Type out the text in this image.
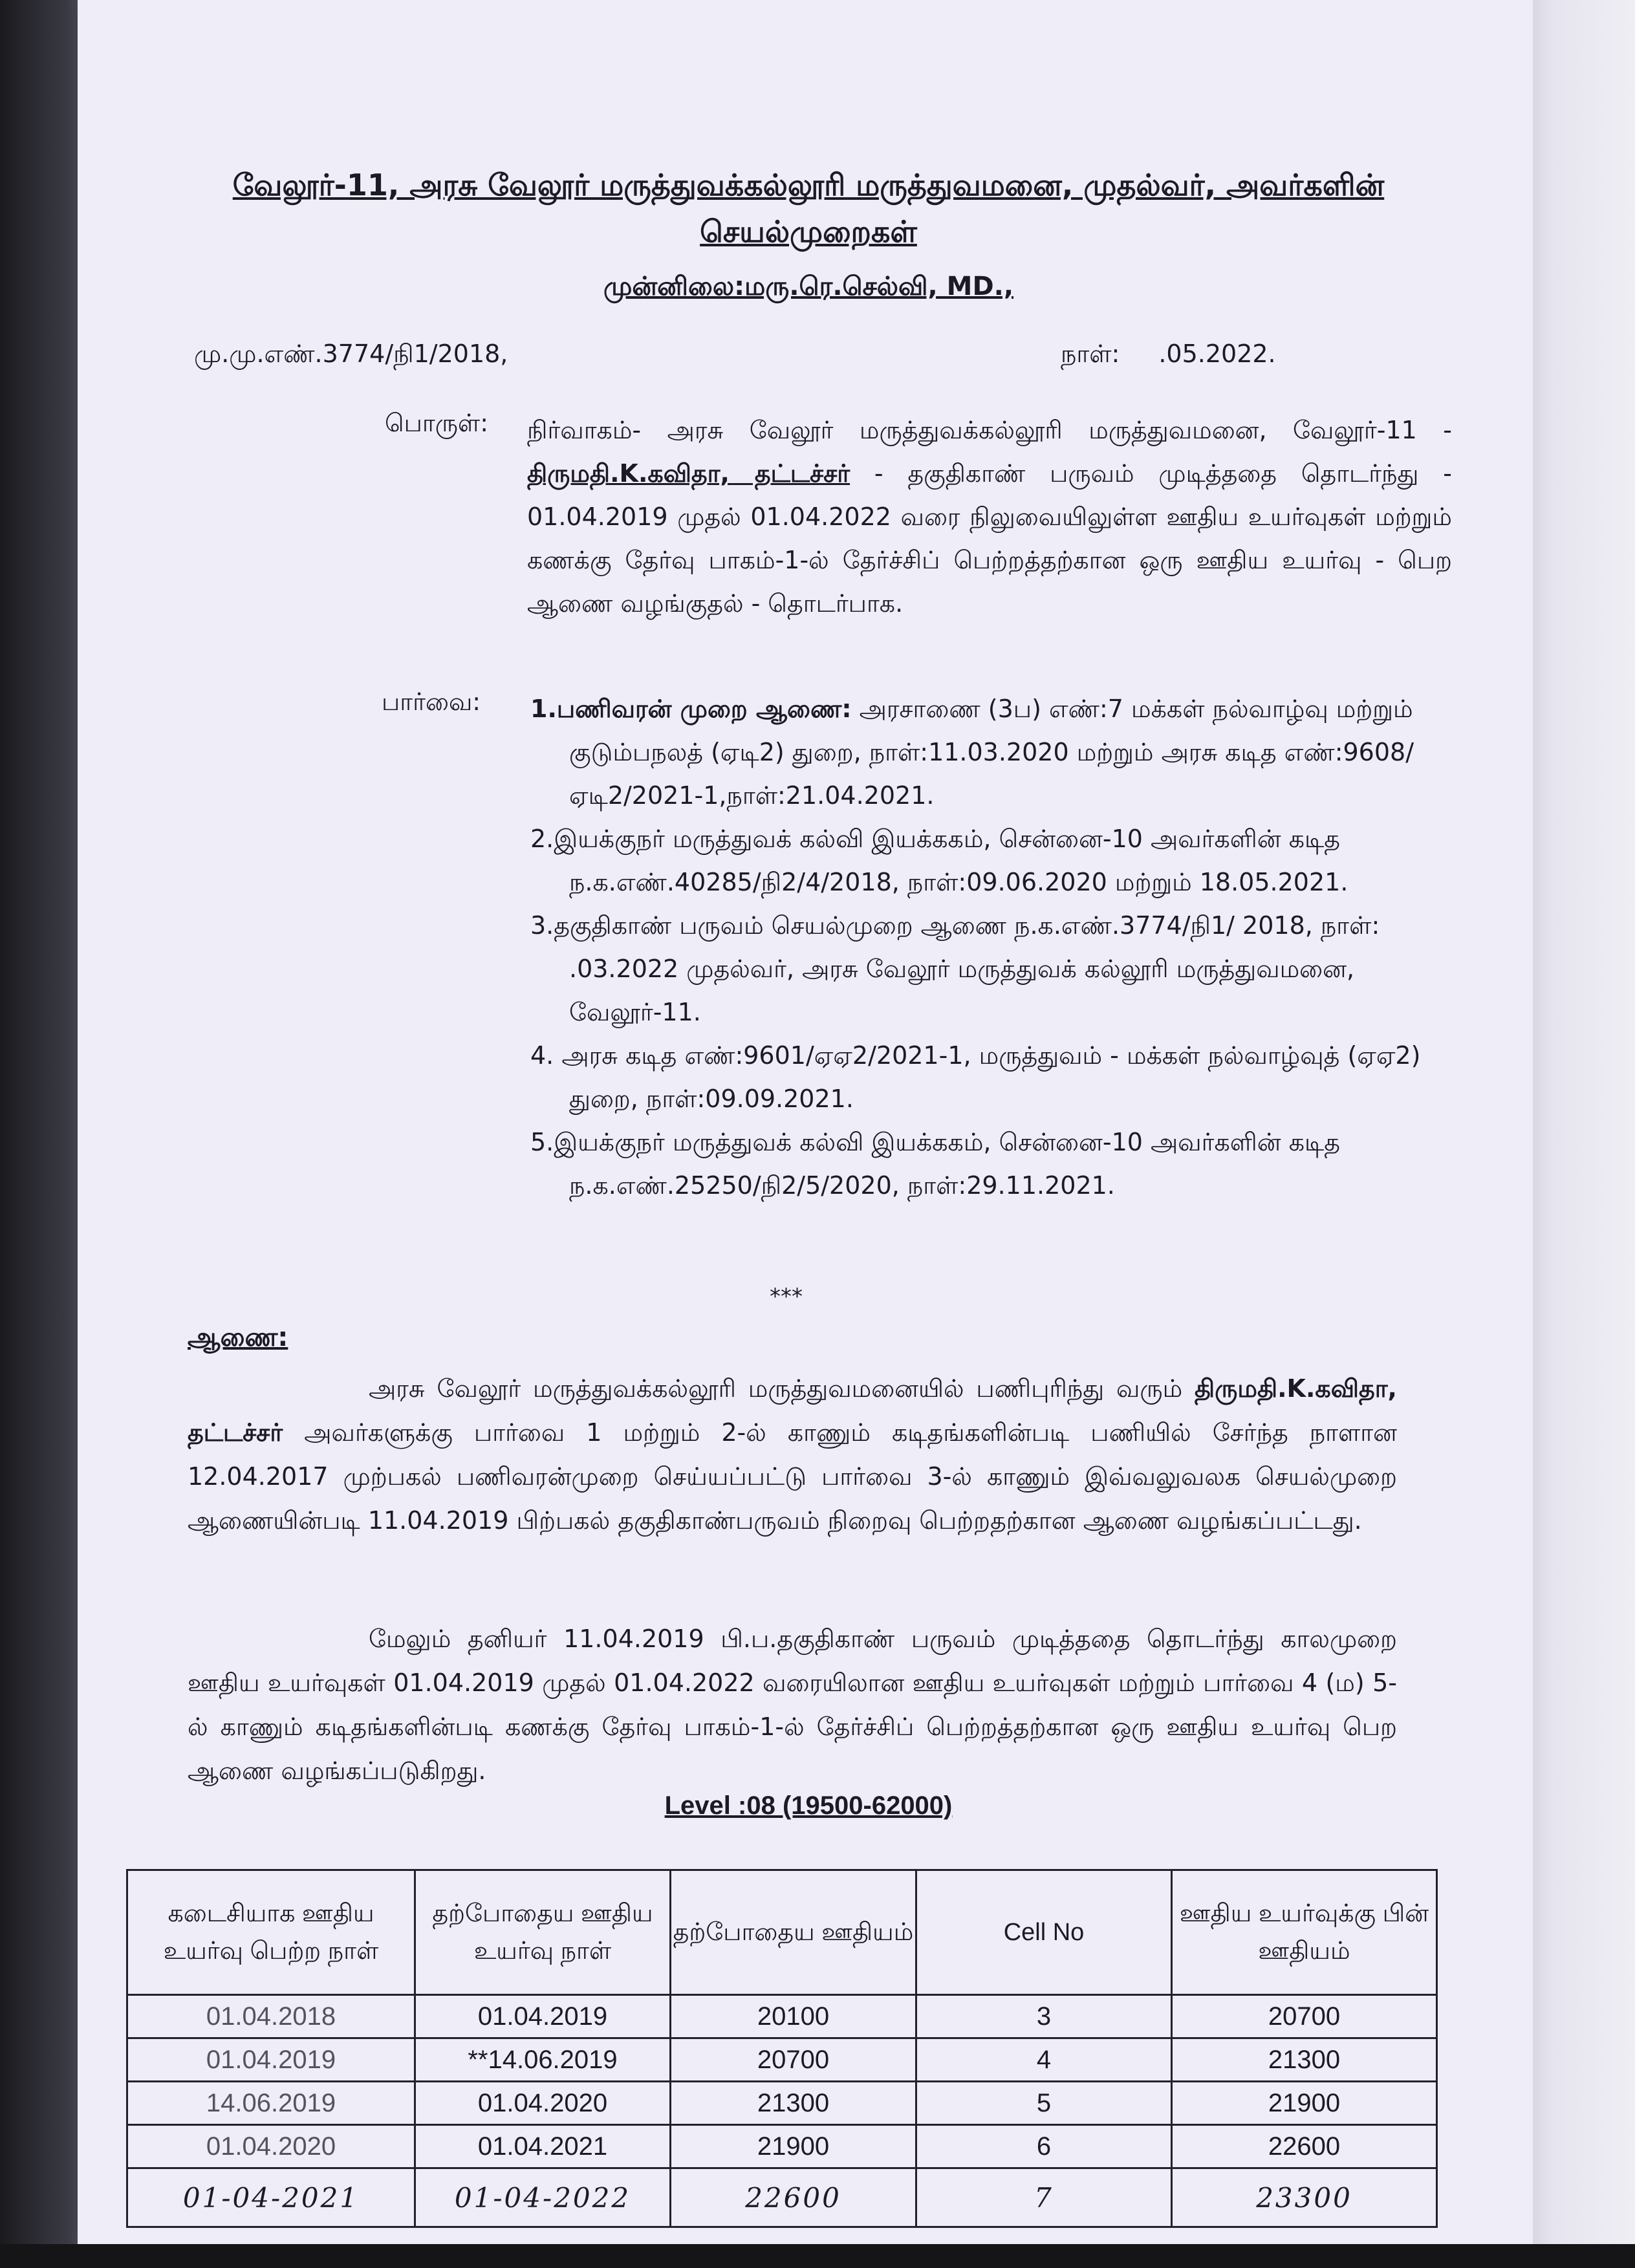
வேலூர்-11, அரசு வேலூர் மருத்துவக்கல்லூரி மருத்துவமனை, முதல்வர், அவர்களின்
செயல்முறைகள்
முன்னிலை:மரு.ரெ.செல்வி, MD.,
மு.மு.எண்.3774/நி1/2018,	நாள்: .05.2022.
பொருள்: நிர்வாகம்- அரசு வேலூர் மருத்துவக்கல்லூரி மருத்துவமனை, வேலூர்-11 - திருமதி.K.கவிதா, தட்டச்சர் - தகுதிகாண் பருவம் முடித்ததை தொடர்ந்து - 01.04.2019 முதல் 01.04.2022 வரை நிலுவையிலுள்ள ஊதிய உயர்வுகள் மற்றும் கணக்கு தேர்வு பாகம்-1-ல் தேர்ச்சிப் பெற்றத்தற்கான ஒரு ஊதிய உயர்வு - பெற ஆணை வழங்குதல் - தொடர்பாக.
பார்வை: 1.பணிவரன் முறை ஆணை: அரசாணை (3ப) எண்:7 மக்கள் நல்வாழ்வு மற்றும் குடும்பநலத் (ஏடி2) துறை, நாள்:11.03.2020 மற்றும் அரசு கடித எண்:9608/ஏடி2/2021-1,நாள்:21.04.2021.
2.இயக்குநர் மருத்துவக் கல்வி இயக்ககம், சென்னை-10 அவர்களின் கடித ந.க.எண்.40285/நி2/4/2018, நாள்:09.06.2020 மற்றும் 18.05.2021.
3.தகுதிகாண் பருவம் செயல்முறை ஆணை ந.க.எண்.3774/நி1/ 2018, நாள்: .03.2022 முதல்வர், அரசு வேலூர் மருத்துவக் கல்லூரி மருத்துவமனை, வேலூர்-11.
4. அரசு கடித எண்:9601/ஏஏ2/2021-1, மருத்துவம் - மக்கள் நல்வாழ்வுத் (ஏஏ2) துறை, நாள்:09.09.2021.
5.இயக்குநர் மருத்துவக் கல்வி இயக்ககம், சென்னை-10 அவர்களின் கடித ந.க.எண்.25250/நி2/5/2020, நாள்:29.11.2021.
***
ஆணை:
அரசு வேலூர் மருத்துவக்கல்லூரி மருத்துவமனையில் பணிபுரிந்து வரும் திருமதி.K.கவிதா, தட்டச்சர் அவர்களுக்கு பார்வை 1 மற்றும் 2-ல் காணும் கடிதங்களின்படி பணியில் சேர்ந்த நாளான 12.04.2017 முற்பகல் பணிவரன்முறை செய்யப்பட்டு பார்வை 3-ல் காணும் இவ்வலுவலக செயல்முறை ஆணையின்படி 11.04.2019 பிற்பகல் தகுதிகாண்பருவம் நிறைவு பெற்றதற்கான ஆணை வழங்கப்பட்டது.
மேலும் தனியர் 11.04.2019 பி.ப.தகுதிகாண் பருவம் முடித்ததை தொடர்ந்து காலமுறை ஊதிய உயர்வுகள் 01.04.2019 முதல் 01.04.2022 வரையிலான ஊதிய உயர்வுகள் மற்றும் பார்வை 4 (ம) 5-ல் காணும் கடிதங்களின்படி கணக்கு தேர்வு பாகம்-1-ல் தேர்ச்சிப் பெற்றத்தற்கான ஒரு ஊதிய உயர்வு பெற ஆணை வழங்கப்படுகிறது.
Level :08 (19500-62000)
கடைசியாக ஊதிய உயர்வு பெற்ற நாள்	தற்போதைய ஊதிய உயர்வு நாள்	தற்போதைய ஊதியம்	Cell No	ஊதிய உயர்வுக்கு பின் ஊதியம்
01.04.2018	01.04.2019	20100	3	20700
01.04.2019	**14.06.2019	20700	4	21300
14.06.2019	01.04.2020	21300	5	21900
01.04.2020	01.04.2021	21900	6	22600
01-04-2021	01-04-2022	22600	7	23300
